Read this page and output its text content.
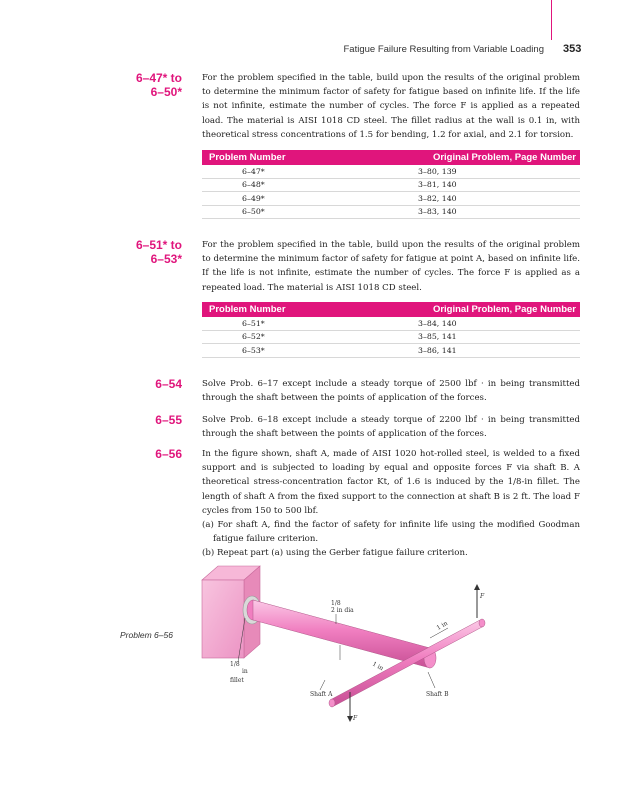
Fatigue Failure Resulting from Variable Loading 353
6–47* to
6–50*
For the problem specified in the table, build upon the results of the original problem to determine the minimum factor of safety for fatigue based on infinite life. If the life is not infinite, estimate the number of cycles. The force F is applied as a repeated load. The material is AISI 1018 CD steel. The fillet radius at the wall is 0.1 in, with theoretical stress concentrations of 1.5 for bending, 1.2 for axial, and 2.1 for torsion.
Problem Number	Original Problem, Page Number
6–47*	3–80, 139
6–48*	3–81, 140
6–49*	3–82, 140
6–50*	3–83, 140
6–51* to
6–53*
For the problem specified in the table, build upon the results of the original problem to determine the minimum factor of safety for fatigue at point A, based on infinite life. If the life is not infinite, estimate the number of cycles. The force F is applied as a repeated load. The material is AISI 1018 CD steel.
Problem Number	Original Problem, Page Number
6–51*	3–84, 140
6–52*	3–85, 141
6–53*	3–86, 141
6–54 Solve Prob. 6–17 except include a steady torque of 2500 lbf · in being transmitted through the shaft between the points of application of the forces.
6–55 Solve Prob. 6–18 except include a steady torque of 2200 lbf · in being transmitted through the shaft between the points of application of the forces.
6–56 In the figure shown, shaft A, made of AISI 1020 hot-rolled steel, is welded to a fixed support and is subjected to loading by equal and opposite forces F via shaft B. A theoretical stress-concentration factor Kt, of 1.6 is induced by the 1/8-in fillet. The length of shaft A from the fixed support to the connection at shaft B is 2 ft. The load F cycles from 150 to 500 lbf.
(a) For shaft A, find the factor of safety for infinite life using the modified Goodman fatigue failure criterion.
(b) Repeat part (a) using the Gerber fatigue failure criterion.
Problem 6–56
F
F
1/8
2 in dia
1 in
1 in
1/8
in
fillet
Shaft A	Shaft B
